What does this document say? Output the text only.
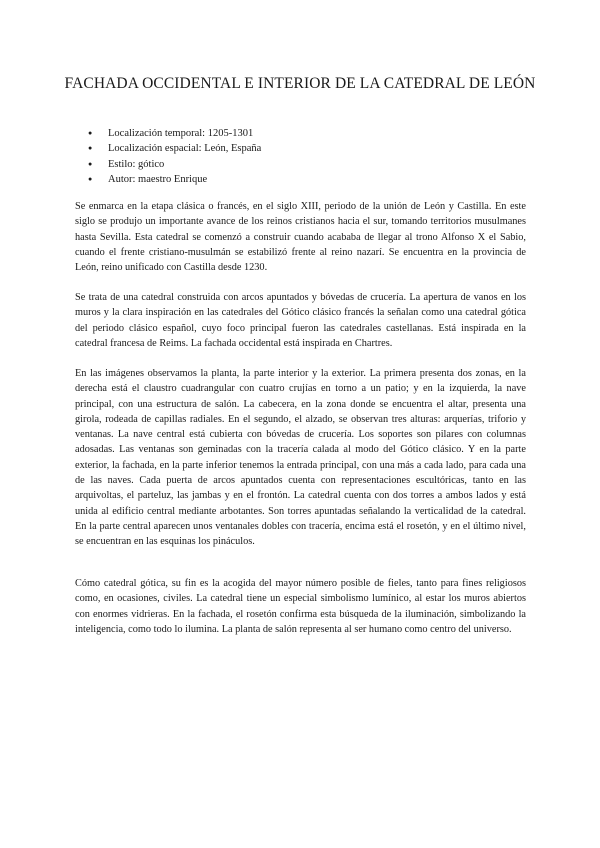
FACHADA OCCIDENTAL E INTERIOR DE LA CATEDRAL DE LEÓN
● Localización temporal: 1205-1301
● Localización espacial: León, España
● Estilo: gótico
● Autor: maestro Enrique

Se enmarca en la etapa clásica o francés, en el siglo XIII, periodo de la unión de León y Castilla. En este siglo se produjo un importante avance de los reinos cristianos hacia el sur, tomando territorios musulmanes hasta Sevilla. Esta catedral se comenzó a construir cuando acababa de llegar al trono Alfonso X el Sabio, cuando el frente cristiano-musulmán se estabilizó frente al reino nazarí. Se encuentra en la provincia de León, reino unificado con Castilla desde 1230.

Se trata de una catedral construida con arcos apuntados y bóvedas de crucería. La apertura de vanos en los muros y la clara inspiración en las catedrales del Gótico clásico francés la señalan como una catedral gótica del periodo clásico español, cuyo foco principal fueron las catedrales castellanas. Está inspirada en la catedral francesa de Reims. La fachada occidental está inspirada en Chartres.

En las imágenes observamos la planta, la parte interior y la exterior. La primera presenta dos zonas, en la derecha está el claustro cuadrangular con cuatro crujías en torno a un patio; y en la izquierda, la nave principal, con una estructura de salón. La cabecera, en la zona donde se encuentra el altar, presenta una girola, rodeada de capillas radiales. En el segundo, el alzado, se observan tres alturas: arquerías, triforio y ventanas. La nave central está cubierta con bóvedas de crucería. Los soportes son pilares con columnas adosadas. Las ventanas son geminadas con la tracería calada al modo del Gótico clásico. Y en la parte exterior, la fachada, en la parte inferior tenemos la entrada principal, con una más a cada lado, para cada una de las naves. Cada puerta de arcos apuntados cuenta con representaciones escultóricas, tanto en las arquivoltas, el parteluz, las jambas y en el frontón. La catedral cuenta con dos torres a ambos lados y está unida al edificio central mediante arbotantes. Son torres apuntadas señalando la verticalidad de la catedral. En la parte central aparecen unos ventanales dobles con tracería, encima está el rosetón, y en el último nivel, se encuentran en las esquinas los pináculos.

Cómo catedral gótica, su fin es la acogida del mayor número posible de fieles, tanto para fines religiosos como, en ocasiones, civiles. La catedral tiene un especial simbolismo lumínico, al estar los muros abiertos con enormes vidrieras. En la fachada, el rosetón confirma esta búsqueda de la iluminación, simbolizando la inteligencia, como todo lo ilumina. La planta de salón representa al ser humano como centro del universo.
